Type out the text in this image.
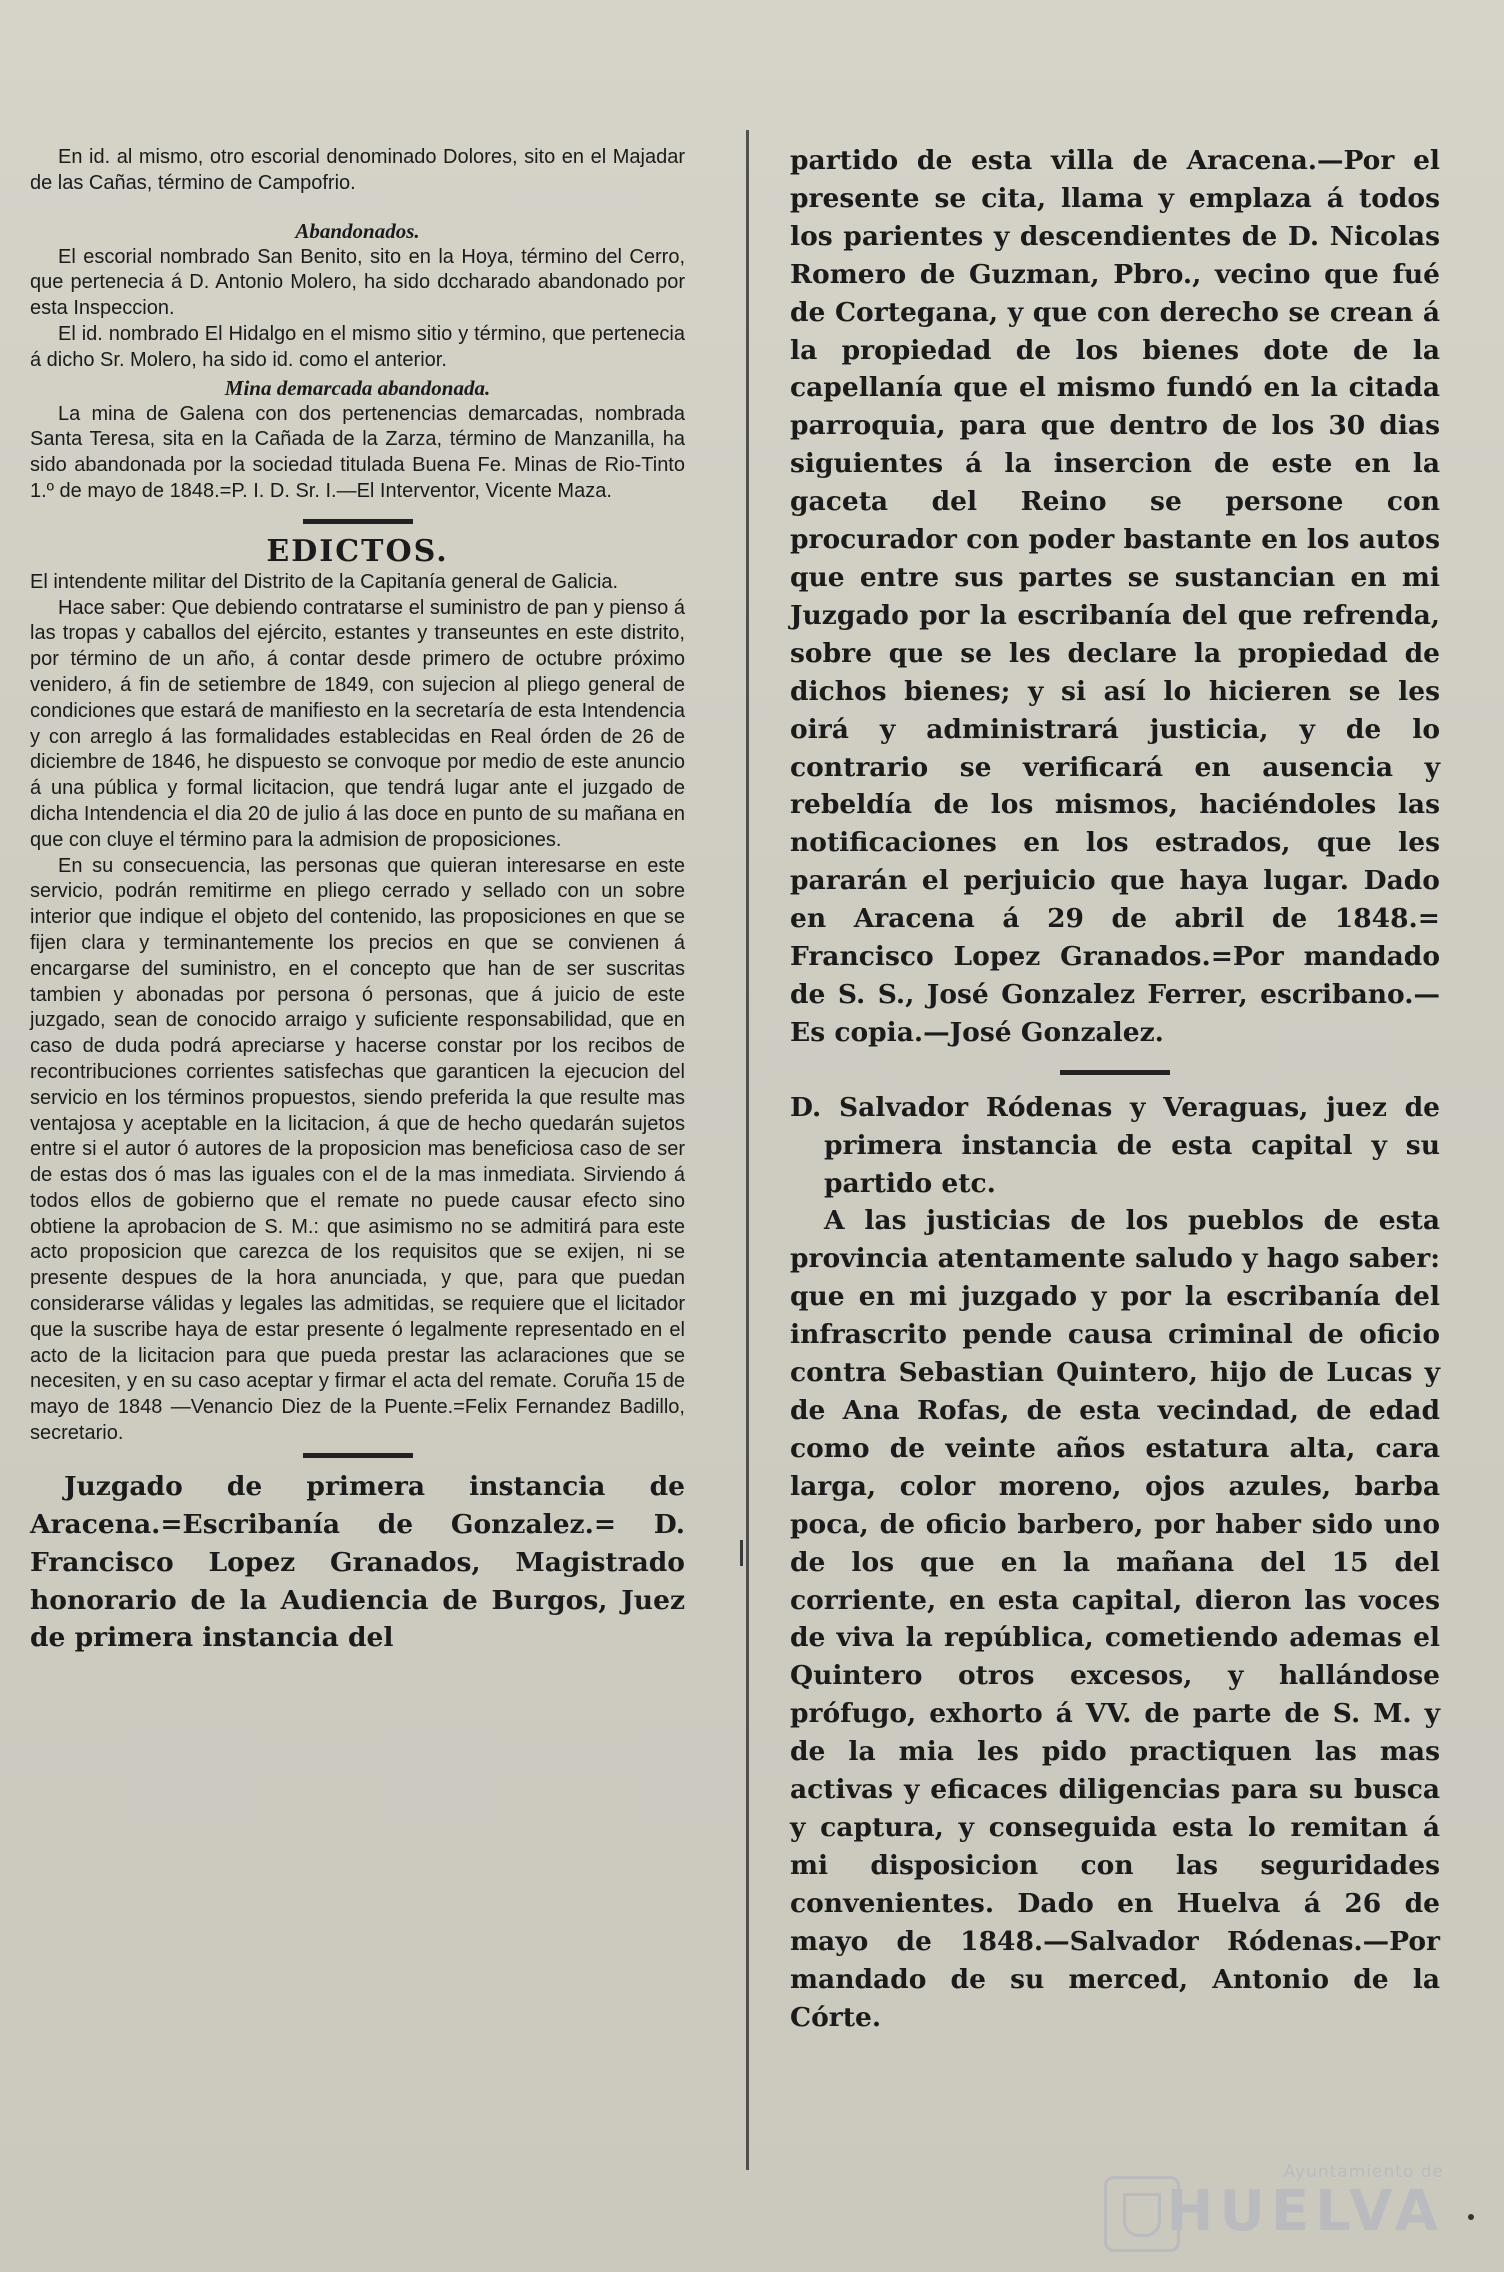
En id. al mismo, otro escorial denominado Dolores, sito en el Majadar de las Cañas, término de Campofrio.

Abandonados.

El escorial nombrado San Benito, sito en la Hoya, término del Cerro, que pertenecia á D. Antonio Molero, ha sido dccharado abandonado por esta Inspeccion.

El id. nombrado El Hidalgo en el mismo sitio y término, que pertenecia á dicho Sr. Molero, ha sido id. como el anterior.

Mina demarcada abandonada.

La mina de Galena con dos pertenencias demarcadas, nombrada Santa Teresa, sita en la Cañada de la Zarza, término de Manzanilla, ha sido abandonada por la sociedad titulada Buena Fe. Minas de Rio-Tinto 1.º de mayo de 1848.=P. I. D. Sr. I.—El Interventor, Vicente Maza.

EDICTOS.

El intendente militar del Distrito de la Capitanía general de Galicia.

Hace saber: Que debiendo contratarse el suministro de pan y pienso á las tropas y caballos del ejército, estantes y transeuntes en este distrito, por término de un año, á contar desde primero de octubre próximo venidero, á fin de setiembre de 1849, con sujecion al pliego general de condiciones que estará de manifiesto en la secretaría de esta Intendencia y con arreglo á las formalidades establecidas en Real órden de 26 de diciembre de 1846, he dispuesto se convoque por medio de este anuncio á una pública y formal licitacion, que tendrá lugar ante el juzgado de dicha Intendencia el dia 20 de julio á las doce en punto de su mañana en que con cluye el término para la admision de proposiciones.

En su consecuencia, las personas que quieran interesarse en este servicio, podrán remitirme en pliego cerrado y sellado con un sobre interior que indique el objeto del contenido, las proposiciones en que se fijen clara y terminantemente los precios en que se convienen á encargarse del suministro, en el concepto que han de ser suscritas tambien y abonadas por persona ó personas, que á juicio de este juzgado, sean de conocido arraigo y suficiente responsabilidad, que en caso de duda podrá apreciarse y hacerse constar por los recibos de recontribuciones corrientes satisfechas que garanticen la ejecucion del servicio en los términos propuestos, siendo preferida la que resulte mas ventajosa y aceptable en la licitacion, á que de hecho quedarán sujetos entre si el autor ó autores de la proposicion mas beneficiosa caso de ser de estas dos ó mas las iguales con el de la mas inmediata. Sirviendo á todos ellos de gobierno que el remate no puede causar efecto sino obtiene la aprobacion de S. M.: que asimismo no se admitirá para este acto proposicion que carezca de los requisitos que se exijen, ni se presente despues de la hora anunciada, y que, para que puedan considerarse válidas y legales las admitidas, se requiere que el licitador que la suscribe haya de estar presente ó legalmente representado en el acto de la licitacion para que pueda prestar las aclaraciones que se necesiten, y en su caso aceptar y firmar el acta del remate. Coruña 15 de mayo de 1848 —Venancio Diez de la Puente.=Felix Fernandez Badillo, secretario.

Juzgado de primera instancia de Aracena.=Escribanía de Gonzalez.= D. Francisco Lopez Granados, Magistrado honorario de la Audiencia de Burgos, Juez de primera instancia del

partido de esta villa de Aracena.—Por el presente se cita, llama y emplaza á todos los parientes y descendientes de D. Nicolas Romero de Guzman, Pbro., vecino que fué de Cortegana, y que con derecho se crean á la propiedad de los bienes dote de la capellanía que el mismo fundó en la citada parroquia, para que dentro de los 30 dias siguientes á la insercion de este en la gaceta del Reino se persone con procurador con poder bastante en los autos que entre sus partes se sustancian en mi Juzgado por la escribanía del que refrenda, sobre que se les declare la propiedad de dichos bienes; y si así lo hicieren se les oirá y administrará justicia, y de lo contrario se verificará en ausencia y rebeldía de los mismos, haciéndoles las notificaciones en los estrados, que les pararán el perjuicio que haya lugar. Dado en Aracena á 29 de abril de 1848.= Francisco Lopez Granados.=Por mandado de S. S., José Gonzalez Ferrer, escribano.—Es copia.—José Gonzalez.

D. Salvador Ródenas y Veraguas, juez de primera instancia de esta capital y su partido etc.

A las justicias de los pueblos de esta provincia atentamente saludo y hago saber: que en mi juzgado y por la escribanía del infrascrito pende causa criminal de oficio contra Sebastian Quintero, hijo de Lucas y de Ana Rofas, de esta vecindad, de edad como de veinte años estatura alta, cara larga, color moreno, ojos azules, barba poca, de oficio barbero, por haber sido uno de los que en la mañana del 15 del corriente, en esta capital, dieron las voces de viva la república, cometiendo ademas el Quintero otros excesos, y hallándose prófugo, exhorto á VV. de parte de S. M. y de la mia les pido practiquen las mas activas y eficaces diligencias para su busca y captura, y conseguida esta lo remitan á mi disposicion con las seguridades convenientes. Dado en Huelva á 26 de mayo de 1848.—Salvador Ródenas.—Por mandado de su merced, Antonio de la Córte.

Ayuntamiento de
HUELVA
